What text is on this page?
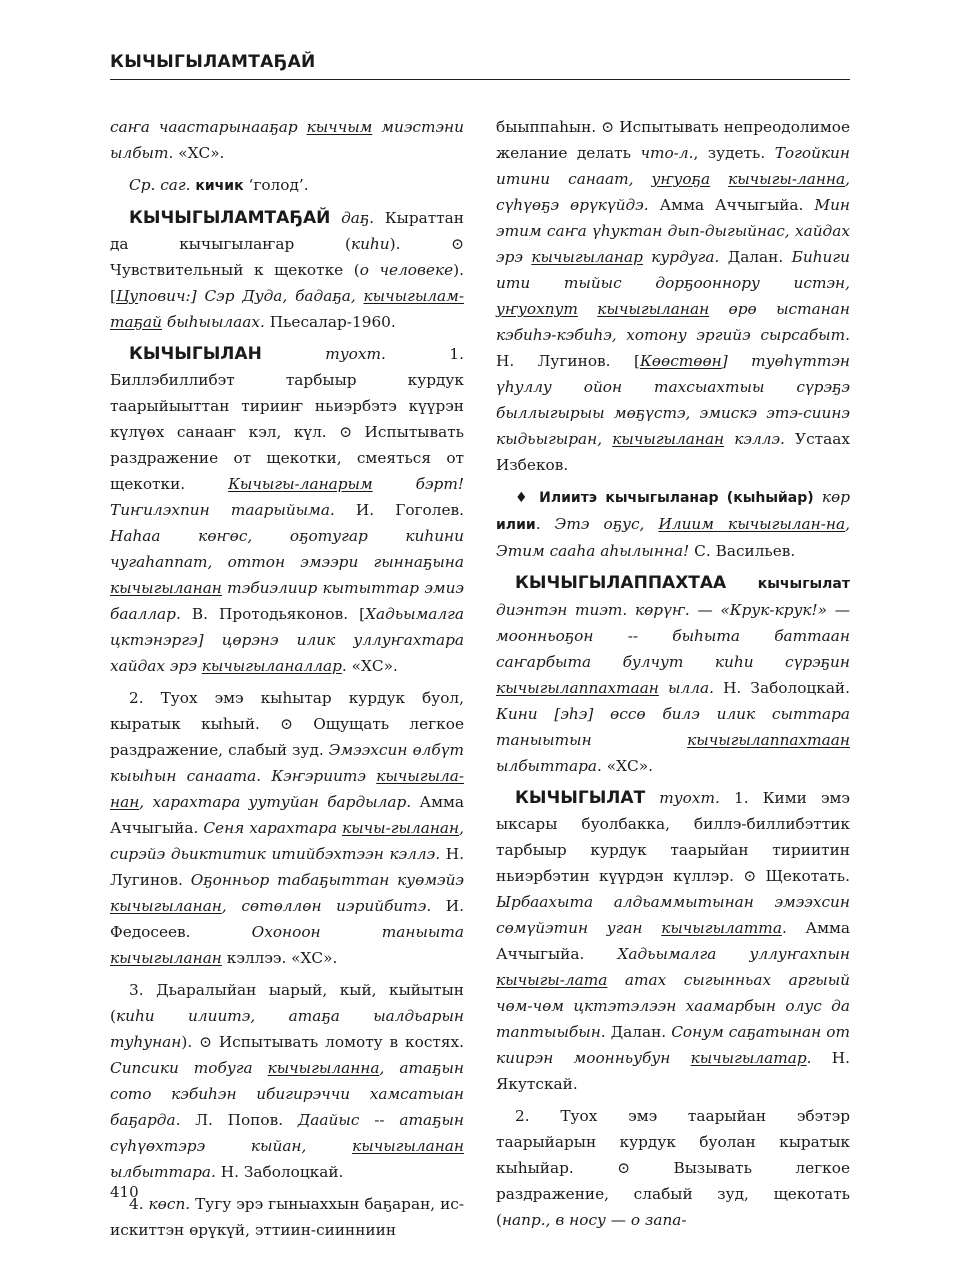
КЫЧЫГЫЛАМТАҔАЙ

саҥа чааcтарынааҕар кыччым миэстэни ылбыт. «ХС».

Ср. саг. кичик ‘голод’.

КЫЧЫГЫЛАМТАҔАЙ даҕ. Кыраттан да кычыгылаҥар (киһи). ⊙ Чувствительный к щекотке (о человеке). [Цупович:] Сэр Дуда, бадаҕа, кычыгылам-таҕай быһыылаах. Пьесалар-1960.

КЫЧЫГЫЛАН туохт. 1. Биллэбиллибэт тарбыыр курдук таарыйыыттан тирииҥ ньиэрбэтэ күүрэн күлүөх санааҥ кэл, күл. ⊙ Испытывать раздражение от щекотки, смеяться от щекотки. Кычыгы-ланарым бэрт! Тиҥилэхпин таарыйыма. И. Гоголев. Наһаа көҥөс, оҕотугар киһини чугаһаппат, оттон эмээри гыннаҕына кычыгыланан тэбиэлиир кытыттар эмиэ бааллар. В. Протодьяконов. [Хадьымалга цктэнэргэ] цөрэнэ илик уллуҥахтара хайдах эрэ кычыгыланаллар. «ХС».

2. Туох эмэ кыһытар курдук буол, кыратык кыһый. ⊙ Ощущать легкое раздражение, слабый зуд. Эмээхсин өлбүт кыыһын санаата. Кэҥэриитэ кычыгыла-нан, харахтара уутуйан бардылар. Амма Аччыгыйа. Сеня харахтара кычы-гыланан, сирэйэ дьиктитик итийбэхтээн кэллэ. Н. Лугинов. Оҕонньор табаҕыттан куөмэйэ кычыгыланан, сөтөллөн иэрийбитэ. И. Федосеев. Охоноон таныыта кычыгыланан кэллээ. «ХС».

3. Дьаралыйан ыарый, кый, кыйытын (киһи илиитэ, атаҕа ыалдьарын туһунан). ⊙ Испытывать ломоту в костях. Сипсики тобуга кычыгыланна, атаҕын сото кэбиһэн ибигирэччи хамсатыан баҕарда. Л. Попов. Даайыс -- атаҕын сүһүөхтэрэ кыйан, кычыгыланан ылбыттара. Н. Заболоцкай.

4. көсп. Тугу эрэ гыныаххын баҕаран, ис-искиттэн өрүкүй, эттиин-сиинниин

быыппаһын. ⊙ Испытывать непреодолимое желание делать что-л., зудеть. Тогойкин итини санаат, уҥуоҕа кычыгы-ланна, сүһүөҕэ өрүкүйдэ. Амма Аччыгыйа. Мин этим саҥа үһуктан дып-дыгыйнас, хайдах эрэ кычыгыланар курдуга. Далан. Биһиги ити тыйыс дорҕооннору истэн, уҥуохпут кычыгыланан өрө ыстанан кэбиһэ-кэбиһэ, хотону эргийэ сырсабыт. Н. Лугинов. [Көөстөөн] туөһүттэн үһуллу ойон тахсыахтыы сүрэҕэ быллыгырыы мөҕүстэ, эмискэ этэ-сиинэ кыдьыгыран, кычыгыланан кэллэ. Устаах Избеков.

♦ Илиитэ кычыгыланар (кыһыйар) көр илии. Этэ оҕус, Илиим кычыгылан-на, Этим сааһа аһылынна! С. Васильев.

КЫЧЫГЫЛАППАХТАА кычыгылат диэнтэн тиэт. көрүҥ. — «Крук-крук!» — моонньоҕон -- быһыта баттаан саҥарбыта булчут киһи сүрэҕин кычыгылаппахтаан ылла. Н. Заболоцкай. Кини [эһэ] өссө билэ илик сыттара таныытын кычыгылаппахтаан ылбыттара. «ХС».

КЫЧЫГЫЛАТ туохт. 1. Кими эмэ ыксары буолбакка, биллэ-биллибэттик тарбыыр курдук таарыйан тириитин ньиэрбэтин күүрдэн күллэр. ⊙ Щекотать. Ырбаахыта алдьаммытынан эмээхсин сөмүйэтин уган кычыгылатта. Амма Аччыгыйа. Хадьымалга уллуҥахпын кычыгы-лата атах сыгынньах аргыый чөм-чөм цктэтэлээн хаамарбын олус да таптыыбын. Далан. Сонум саҕатынан от киирэн моонньубун кычыгылатар. Н. Якутскай.

2. Туох эмэ таарыйан эбэтэр таарыйарын курдук буолан кыратык кыһыйар. ⊙ Вызывать легкое раздражение, слабый зуд, щекотать (напр., в носу — о запа-

410
